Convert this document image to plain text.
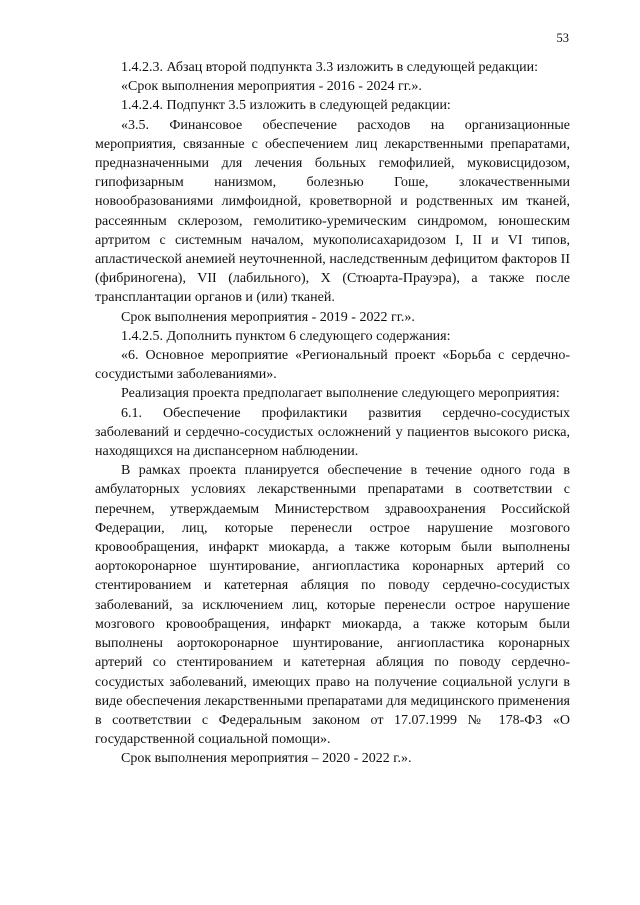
53

1.4.2.3. Абзац второй подпункта 3.3 изложить в следующей редакции:

«Срок выполнения мероприятия - 2016 - 2024 гг.».

1.4.2.4. Подпункт 3.5 изложить в следующей редакции:

«3.5. Финансовое обеспечение расходов на организационные мероприятия, связанные с обеспечением лиц лекарственными препаратами, предназначенными для лечения больных гемофилией, муковисцидозом, гипофизарным нанизмом, болезнью Гоше, злокачественными новообразованиями лимфоидной, кроветворной и родственных им тканей, рассеянным склерозом, гемолитико-уремическим синдромом, юношеским артритом с системным началом, мукополисахаридозом I, II и VI типов, апластической анемией неуточненной, наследственным дефицитом факторов II (фибриногена), VII (лабильного), X (Стюарта-Прауэра), а также после трансплантации органов и (или) тканей.

Срок выполнения мероприятия - 2019 - 2022 гг.».

1.4.2.5. Дополнить пунктом 6 следующего содержания:

«6. Основное мероприятие «Региональный проект «Борьба с сердечно-сосудистыми заболеваниями».

Реализация проекта предполагает выполнение следующего мероприятия:

6.1. Обеспечение профилактики развития сердечно-сосудистых заболеваний и сердечно-сосудистых осложнений у пациентов высокого риска, находящихся на диспансерном наблюдении.

В рамках проекта планируется обеспечение в течение одного года в амбулаторных условиях лекарственными препаратами в соответствии с перечнем, утверждаемым Министерством здравоохранения Российской Федерации, лиц, которые перенесли острое нарушение мозгового кровообращения, инфаркт миокарда, а также которым были выполнены аортокоронарное шунтирование, ангиопластика коронарных артерий со стентированием и катетерная абляция по поводу сердечно-сосудистых заболеваний, за исключением лиц, которые перенесли острое нарушение мозгового кровообращения, инфаркт миокарда, а также которым были выполнены аортокоронарное шунтирование, ангиопластика коронарных артерий со стентированием и катетерная абляция по поводу сердечно-сосудистых заболеваний, имеющих право на получение социальной услуги в виде обеспечения лекарственными препаратами для медицинского применения в соответствии с Федеральным законом от 17.07.1999 № 178-ФЗ «О государственной социальной помощи».

Срок выполнения мероприятия – 2020 - 2022 г.».
